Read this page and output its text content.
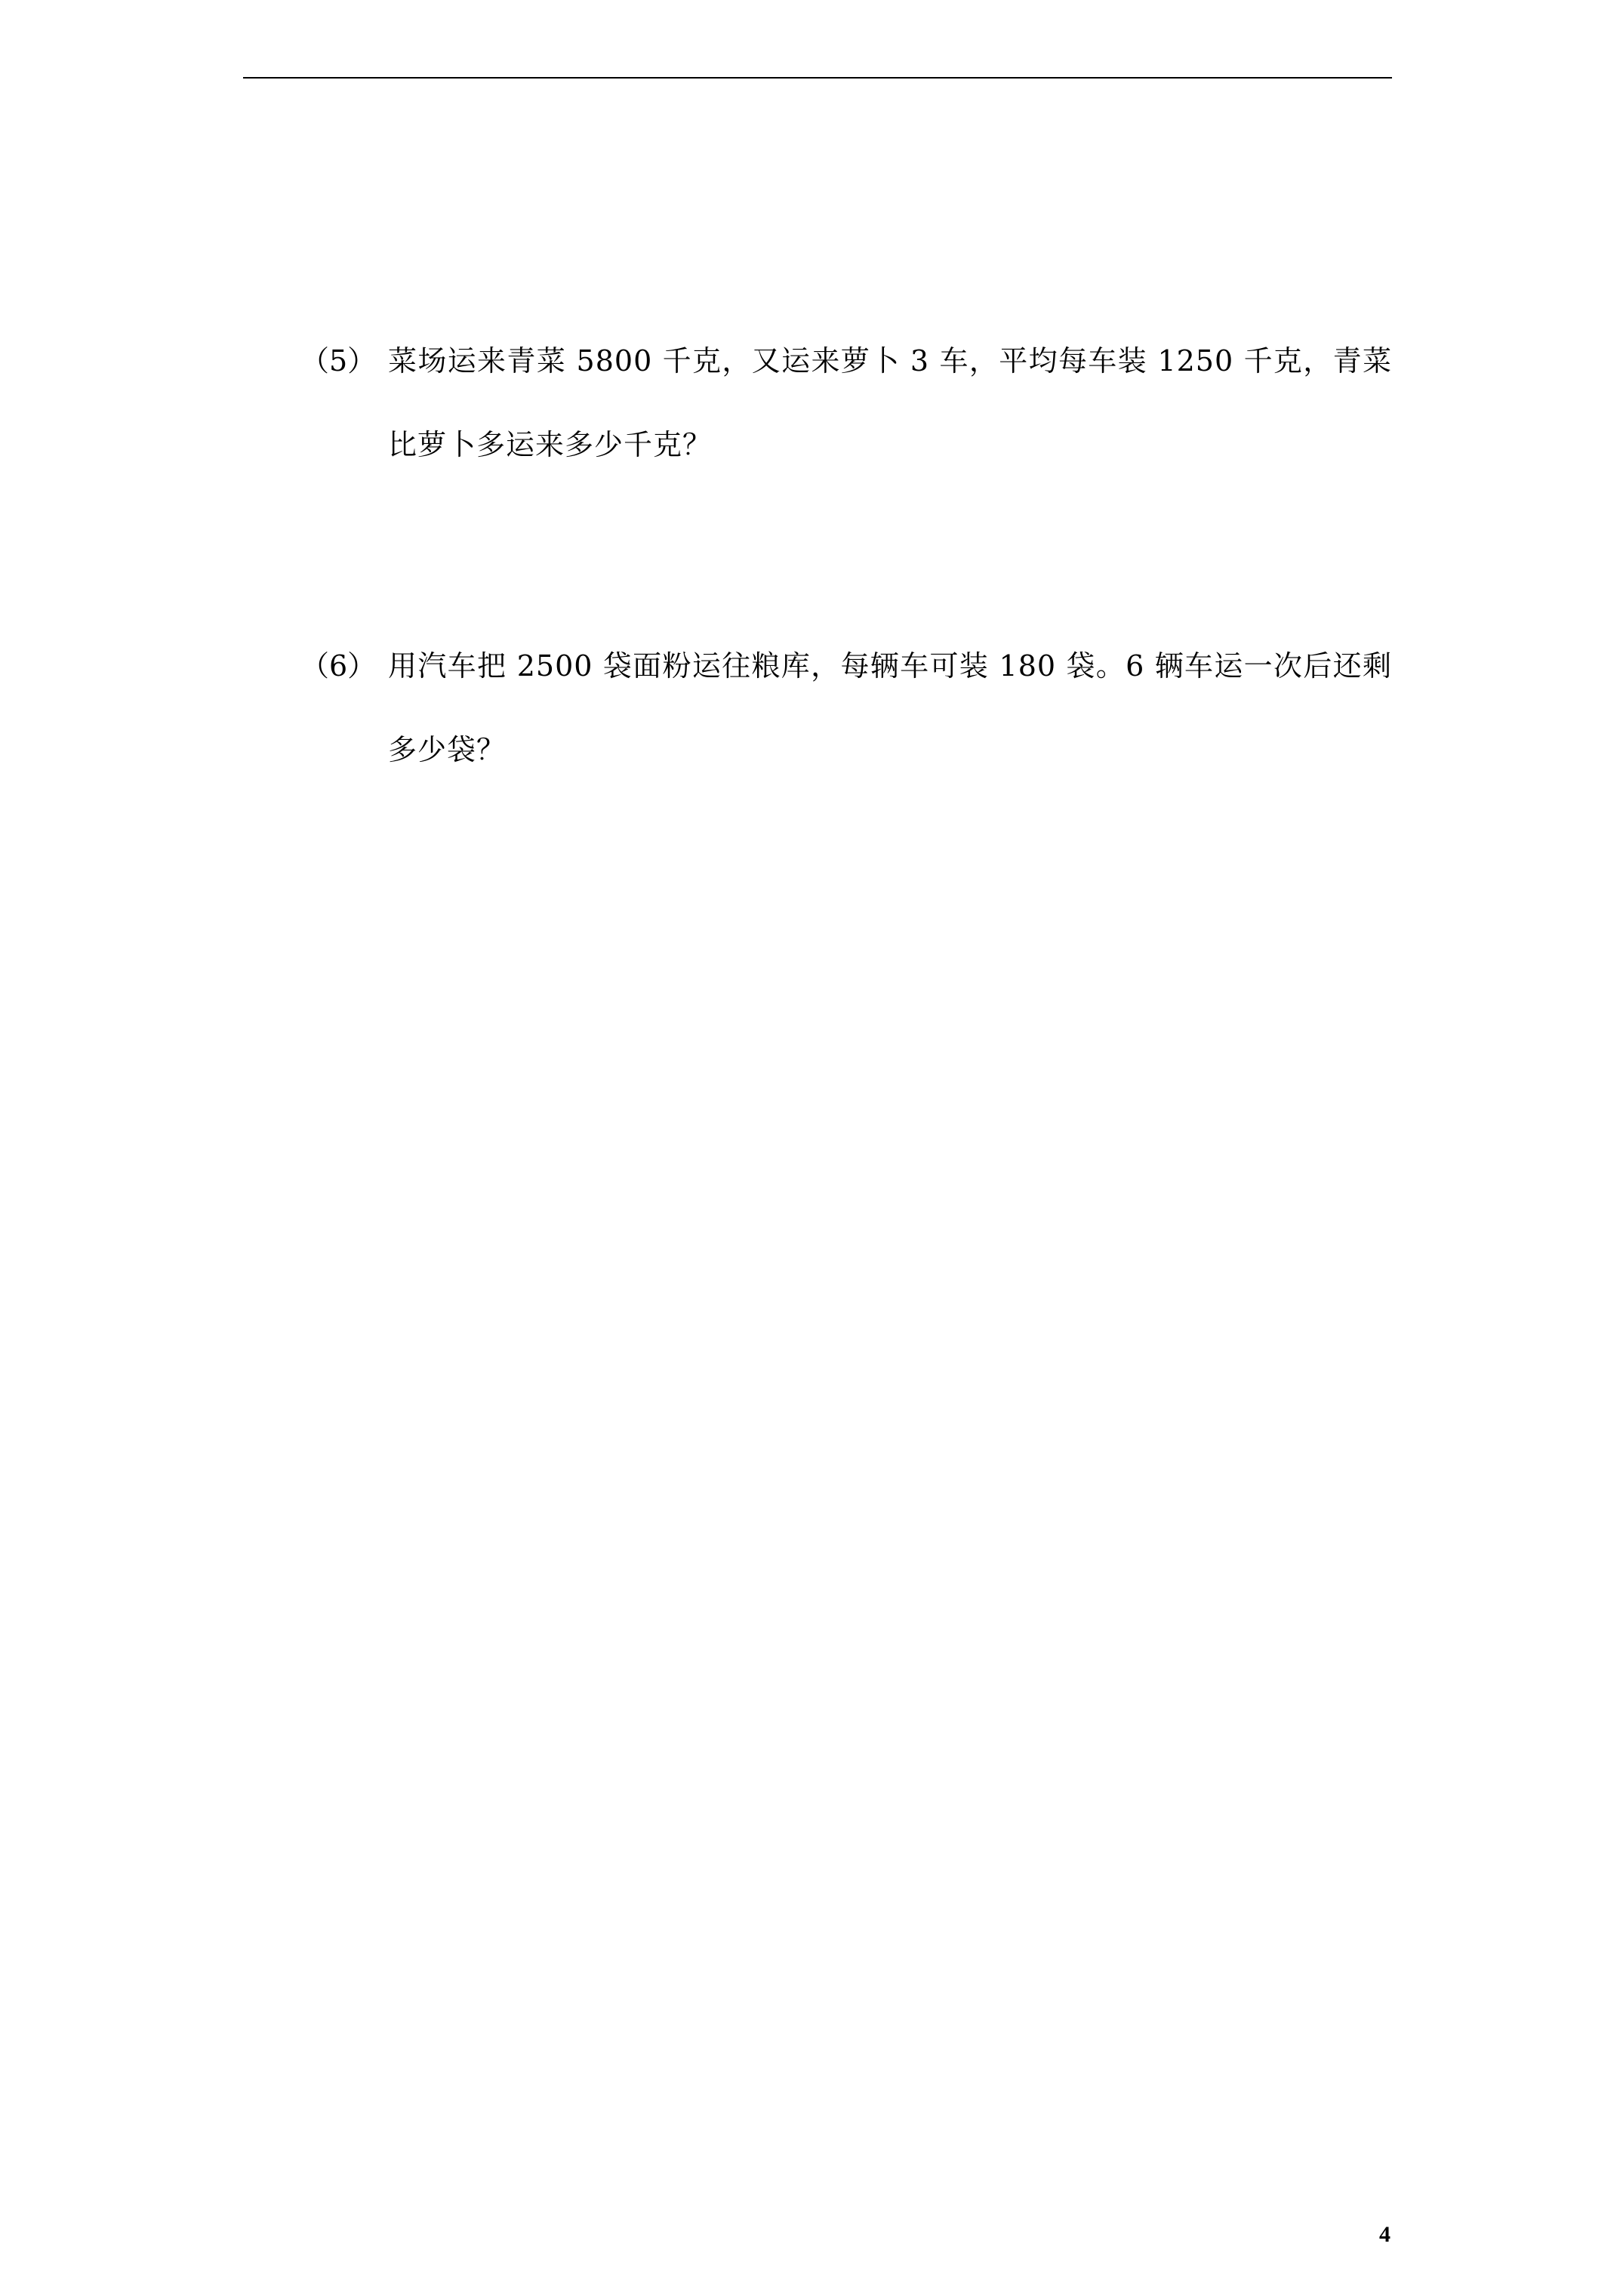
（5） 菜场运来青菜 5800 千克，又运来萝卜 3 车，平均每车装 1250 千克，青菜比萝卜多运来多少千克？
（6） 用汽车把 2500 袋面粉运往粮库，每辆车可装 180 袋。6 辆车运一次后还剩多少袋？
4
